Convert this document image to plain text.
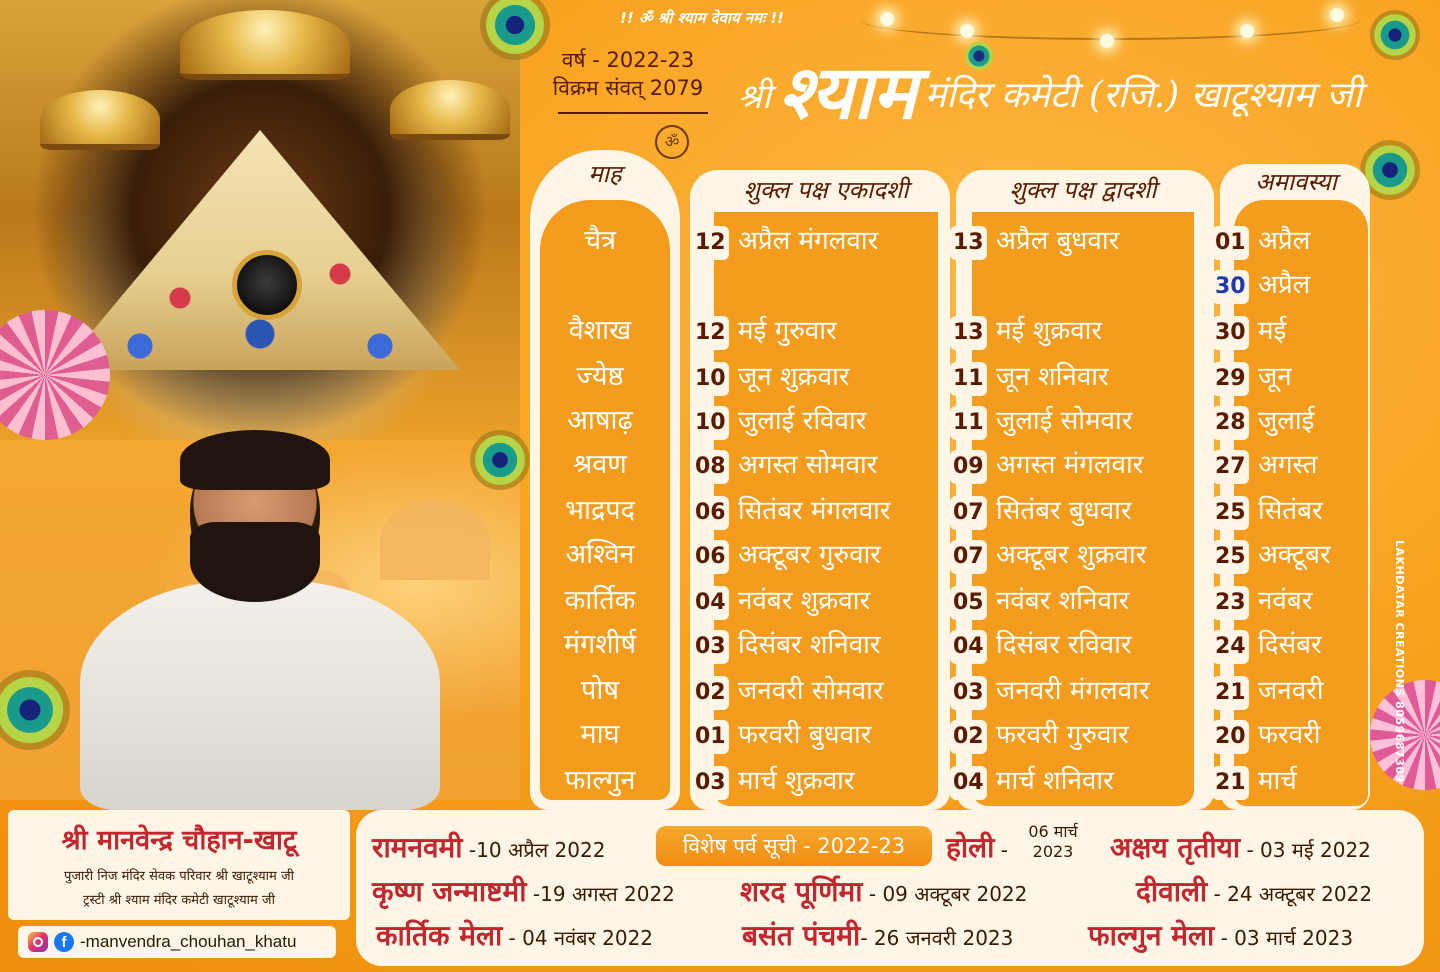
!! ॐ श्री श्याम देवाय नमः !!
वर्ष - 2022-23
विक्रम संवत् 2079
ॐ
श्री श्याम मंदिर कमेटी (रजि.) खाटूश्याम जी
माह
शुक्ल पक्ष एकादशी	शुक्ल पक्ष द्वादशी	अमावस्या
चैत्र	12 अप्रैल मंगलवार	13 अप्रैल बुधवार	01 अप्रैल
30 अप्रैल
वैशाख	12 मई गुरुवार	13 मई शुक्रवार	30 मई
ज्येष्ठ	10 जून शुक्रवार	11 जून शनिवार	29 जून
आषाढ़	10 जुलाई रविवार	11 जुलाई सोमवार	28 जुलाई
श्रवण	08 अगस्त सोमवार	09 अगस्त मंगलवार	27 अगस्त
भाद्रपद	06 सितंबर मंगलवार	07 सितंबर बुधवार	25 सितंबर
अश्विन	06 अक्टूबर गुरुवार	07 अक्टूबर शुक्रवार	25 अक्टूबर
कार्तिक	04 नवंबर शुक्रवार	05 नवंबर शनिवार	23 नवंबर
मंगशीर्ष	03 दिसंबर शनिवार	04 दिसंबर रविवार	24 दिसंबर
पोष	02 जनवरी सोमवार	03 जनवरी मंगलवार	21 जनवरी
माघ	01 फरवरी बुधवार	02 फरवरी गुरुवार	20 फरवरी
फाल्गुन	03 मार्च शुक्रवार	04 मार्च शनिवार	21 मार्च	LAKHDATAR CREATIONS 8059687309
श्री मानवेन्द्र चौहान-खाटू
पुजारी निज मंदिर सेवक परिवार श्री खाटूश्याम जी
ट्रस्टी श्री श्याम मंदिर कमेटी खाटूश्याम जी
f -manvendra_chouhan_khatu
विशेष पर्व सूची - 2022-23
रामनवमी -10 अप्रैल 2022	होली -
06 मार्च
2023	अक्षय तृतीया - 03 मई 2022
कृष्ण जन्माष्टमी -19 अगस्त 2022 शरद पूर्णिमा - 09 अक्टूबर 2022	दीवाली - 24 अक्टूबर 2022
कार्तिक मेला - 04 नवंबर 2022	बसंत पंचमी- 26 जनवरी 2023	फाल्गुन मेला - 03 मार्च 2023
